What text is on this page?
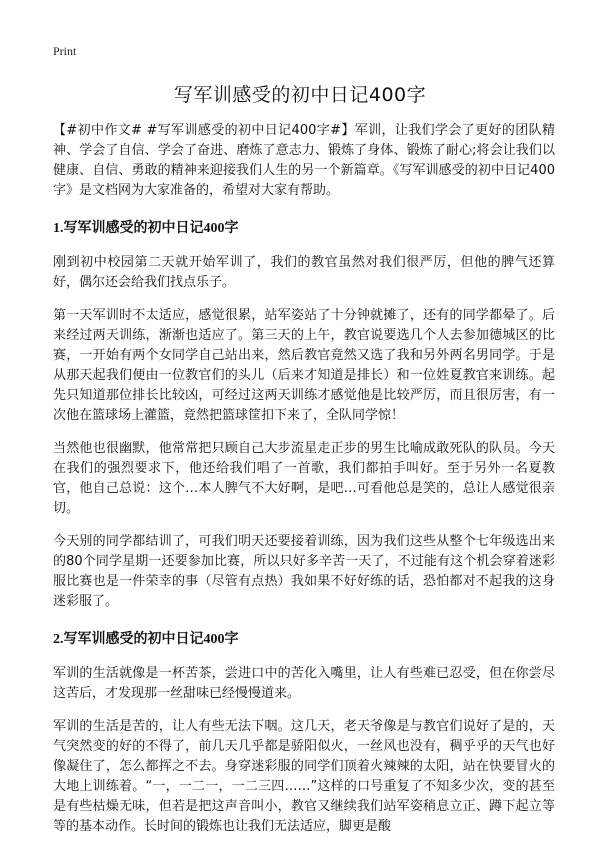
Print
写军训感受的初中日记400字

【#初中作文# #写军训感受的初中日记400字#】军训，让我们学会了更好的团队精神、学会了自信、学会了奋进、磨炼了意志力、锻炼了身体、锻炼了耐心;将会让我们以健康、自信、勇敢的精神来迎接我们人生的另一个新篇章。《写军训感受的初中日记400字》是文档网为大家准备的，希望对大家有帮助。

1.写军训感受的初中日记400字

刚到初中校园第二天就开始军训了，我们的教官虽然对我们很严厉，但他的脾气还算好，偶尔还会给我们找点乐子。

第一天军训时不太适应，感觉很累，站军姿站了十分钟就摊了，还有的同学都晕了。后来经过两天训练，渐渐也适应了。第三天的上午，教官说要选几个人去参加德城区的比赛，一开始有两个女同学自己站出来，然后教官竟然又选了我和另外两名男同学。于是从那天起我们便由一位教官们的头儿（后来才知道是排长）和一位姓夏教官来训练。起先只知道那位排长比较凶，可经过这两天训练才感觉他是比较严厉，而且很厉害，有一次他在篮球场上灌篮，竟然把篮球筐扣下来了，全队同学惊！

当然他也很幽默，他常常把只顾自己大步流星走正步的男生比喻成敢死队的队员。今天在我们的强烈要求下，他还给我们唱了一首歌，我们都拍手叫好。至于另外一名夏教官，他自己总说：这个…本人脾气不大好啊，是吧…可看他总是笑的，总让人感觉很亲切。

今天别的同学都结训了，可我们明天还要接着训练，因为我们这些从整个七年级选出来的80个同学星期一还要参加比赛，所以只好多辛苦一天了，不过能有这个机会穿着迷彩服比赛也是一件荣幸的事（尽管有点热）我如果不好好练的话，恐怕都对不起我的这身迷彩服了。

2.写军训感受的初中日记400字

军训的生活就像是一杯苦茶，尝进口中的苦化入嘴里，让人有些难已忍受，但在你尝尽这苦后，才发现那一丝甜味已经慢慢道来。

军训的生活是苦的，让人有些无法下咽。这几天，老天爷像是与教官们说好了是的，天气突然变的好的不得了，前几天几乎都是骄阳似火，一丝风也没有，稠乎乎的天气也好像凝住了，怎么都挥之不去。身穿迷彩服的同学们顶着火辣辣的太阳，站在快要冒火的大地上训练着。“一，一二一，一二三四……”这样的口号重复了不知多少次，变的甚至是有些枯燥无味，但若是把这声音叫小，教官又继续我们站军姿稍息立正、蹲下起立等等的基本动作。长时间的锻炼也让我们无法适应，脚更是酸
